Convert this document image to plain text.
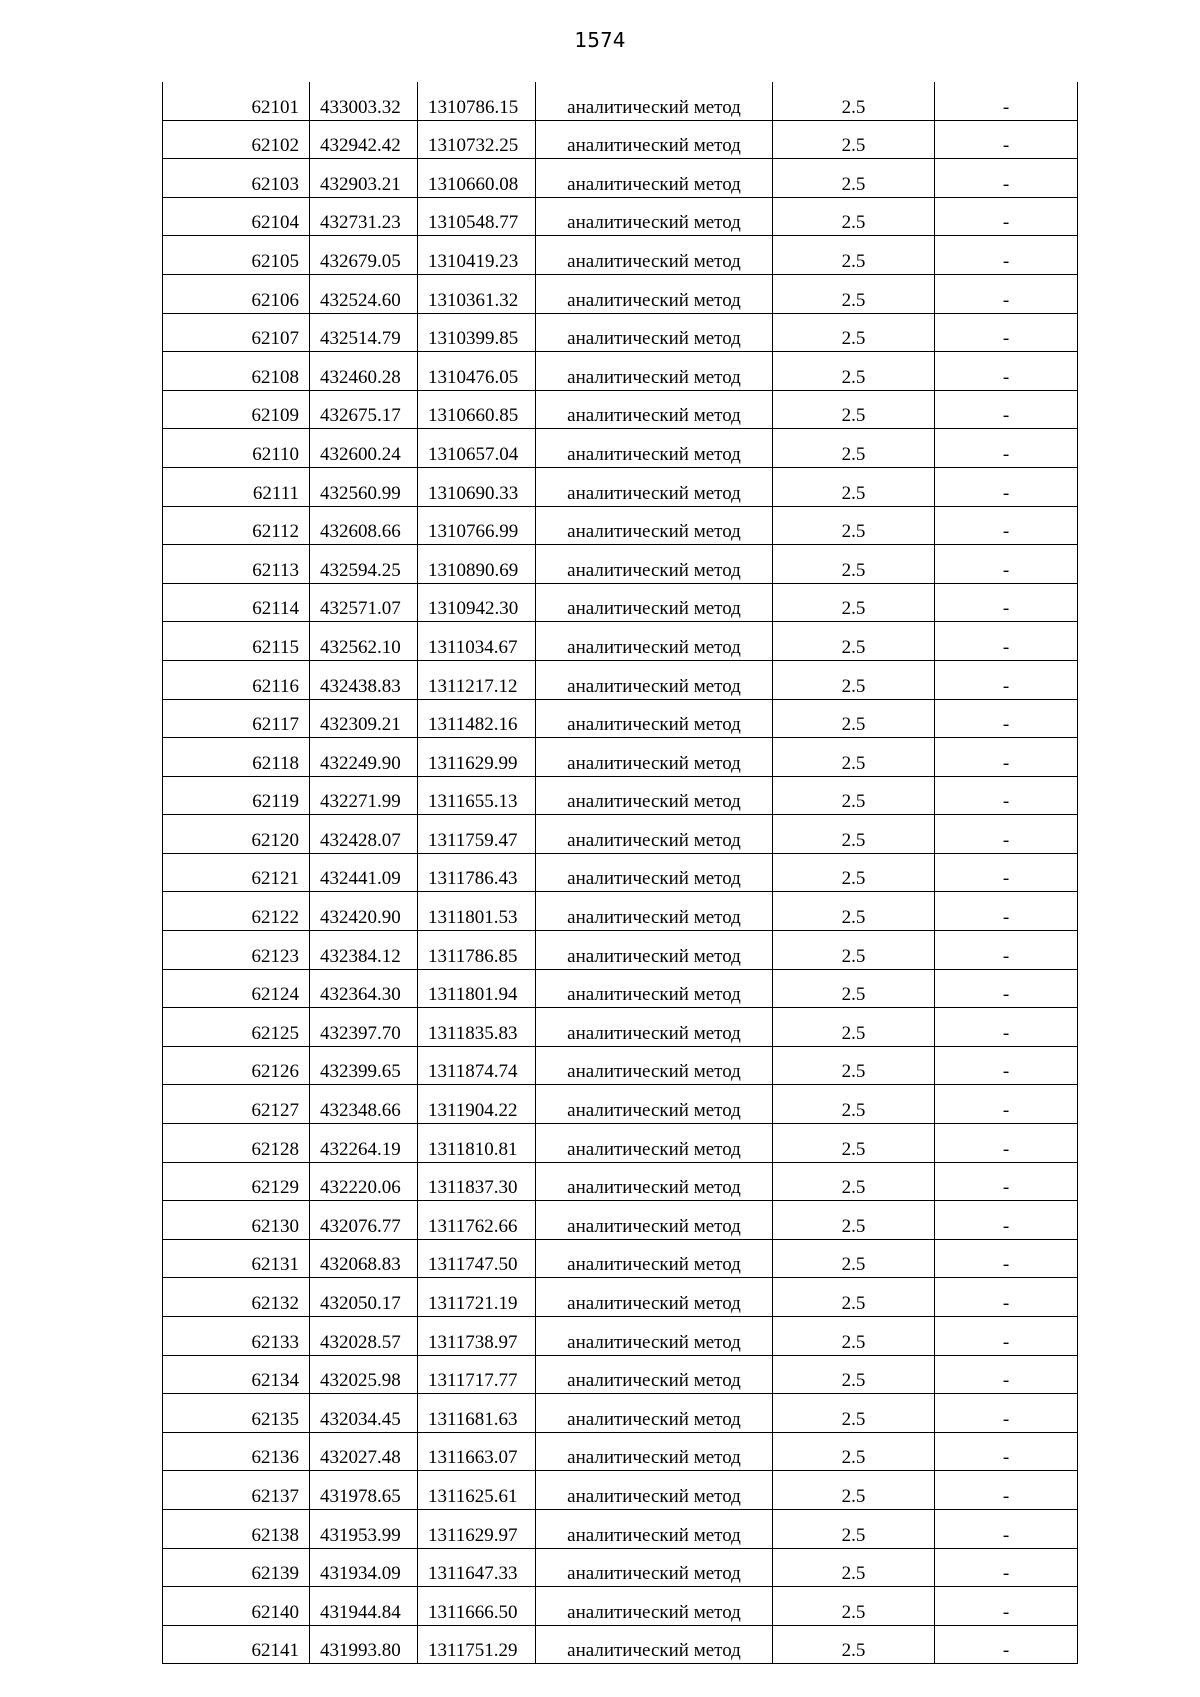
1574
62101	433003.32	1310786.15	аналитический метод	2.5	-
62102	432942.42	1310732.25	аналитический метод	2.5	-
62103	432903.21	1310660.08	аналитический метод	2.5	-
62104	432731.23	1310548.77	аналитический метод	2.5	-
62105	432679.05	1310419.23	аналитический метод	2.5	-
62106	432524.60	1310361.32	аналитический метод	2.5	-
62107	432514.79	1310399.85	аналитический метод	2.5	-
62108	432460.28	1310476.05	аналитический метод	2.5	-
62109	432675.17	1310660.85	аналитический метод	2.5	-
62110	432600.24	1310657.04	аналитический метод	2.5	-
62111	432560.99	1310690.33	аналитический метод	2.5	-
62112	432608.66	1310766.99	аналитический метод	2.5	-
62113	432594.25	1310890.69	аналитический метод	2.5	-
62114	432571.07	1310942.30	аналитический метод	2.5	-
62115	432562.10	1311034.67	аналитический метод	2.5	-
62116	432438.83	1311217.12	аналитический метод	2.5	-
62117	432309.21	1311482.16	аналитический метод	2.5	-
62118	432249.90	1311629.99	аналитический метод	2.5	-
62119	432271.99	1311655.13	аналитический метод	2.5	-
62120	432428.07	1311759.47	аналитический метод	2.5	-
62121	432441.09	1311786.43	аналитический метод	2.5	-
62122	432420.90	1311801.53	аналитический метод	2.5	-
62123	432384.12	1311786.85	аналитический метод	2.5	-
62124	432364.30	1311801.94	аналитический метод	2.5	-
62125	432397.70	1311835.83	аналитический метод	2.5	-
62126	432399.65	1311874.74	аналитический метод	2.5	-
62127	432348.66	1311904.22	аналитический метод	2.5	-
62128	432264.19	1311810.81	аналитический метод	2.5	-
62129	432220.06	1311837.30	аналитический метод	2.5	-
62130	432076.77	1311762.66	аналитический метод	2.5	-
62131	432068.83	1311747.50	аналитический метод	2.5	-
62132	432050.17	1311721.19	аналитический метод	2.5	-
62133	432028.57	1311738.97	аналитический метод	2.5	-
62134	432025.98	1311717.77	аналитический метод	2.5	-
62135	432034.45	1311681.63	аналитический метод	2.5	-
62136	432027.48	1311663.07	аналитический метод	2.5	-
62137	431978.65	1311625.61	аналитический метод	2.5	-
62138	431953.99	1311629.97	аналитический метод	2.5	-
62139	431934.09	1311647.33	аналитический метод	2.5	-
62140	431944.84	1311666.50	аналитический метод	2.5	-
62141	431993.80	1311751.29	аналитический метод	2.5	-
